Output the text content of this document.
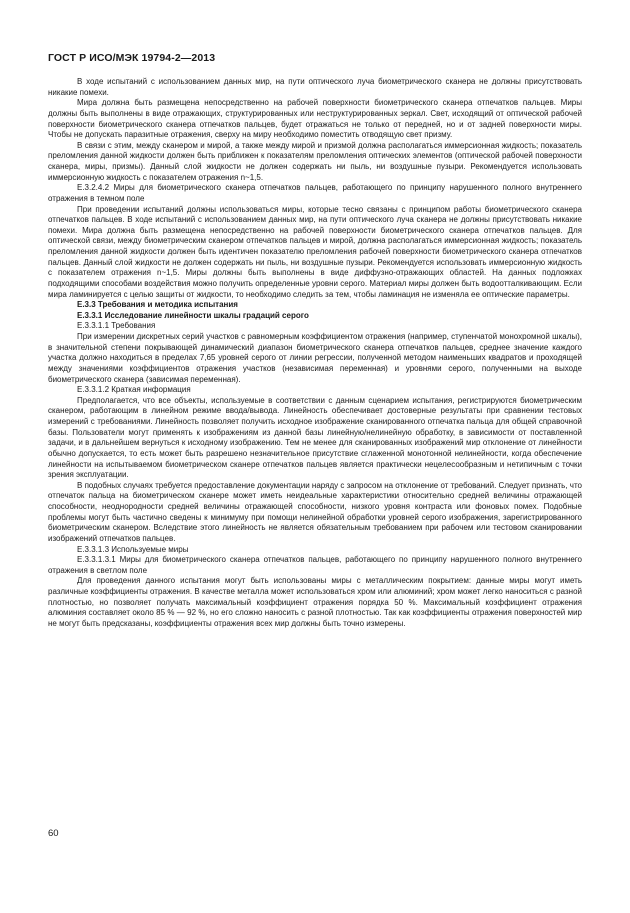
ГОСТ Р ИСО/МЭК 19794-2—2013

В ходе испытаний с использованием данных мир, на пути оптического луча биометрического сканера не должны присутствовать никакие помехи.

Мира должна быть размещена непосредственно на рабочей поверхности биометрического сканера отпечатков пальцев. Миры должны быть выполнены в виде отражающих, структурированных или неструктурированных зеркал. Свет, исходящий от оптической рабочей поверхности биометрического сканера отпечатков пальцев, будет отражаться не только от передней, но и от задней поверхности миры. Чтобы не допускать паразитные отражения, сверху на миру необходимо поместить отводящую свет призму.

В связи с этим, между сканером и мирой, а также между мирой и призмой должна располагаться иммерсионная жидкость; показатель преломления данной жидкости должен быть приближен к показателям преломления оптических элементов (оптической рабочей поверхности сканера, миры, призмы). Данный слой жидкости не должен содержать ни пыль, ни воздушные пузыри. Рекомендуется использовать иммерсионную жидкость с показателем отражения n~1,5.

Е.3.2.4.2 Миры для биометрического сканера отпечатков пальцев, работающего по принципу нарушенного полного внутреннего отражения в темном поле

При проведении испытаний должны использоваться миры, которые тесно связаны с принципом работы биометрического сканера отпечатков пальцев. В ходе испытаний с использованием данных мир, на пути оптического луча сканера не должны присутствовать никакие помехи. Мира должна быть размещена непосредственно на рабочей поверхности биометрического сканера отпечатков пальцев. Для оптической связи, между биометрическим сканером отпечатков пальцев и мирой, должна располагаться иммерсионная жидкость; показатель преломления данной жидкости должен быть идентичен показателю преломления рабочей поверхности биометрического сканера отпечатков пальцев. Данный слой жидкости не должен содержать ни пыль, ни воздушные пузыри. Рекомендуется использовать иммерсионную жидкость с показателем отражения n~1,5. Миры должны быть выполнены в виде диффузно-отражающих областей. На данных подложках подходящими способами воздействия можно получить определенные уровни серого. Материал миры должен быть водоотталкивающим. Если мира ламинируется с целью защиты от жидкости, то необходимо следить за тем, чтобы ламинация не изменяла ее оптические параметры.

Е.3.3 Требования и методика испытания

Е.3.3.1 Исследование линейности шкалы градаций серого

Е.3.3.1.1 Требования

При измерении дискретных серий участков с равномерным коэффициентом отражения (например, ступенчатой монохромной шкалы), в значительной степени покрывающей динамический диапазон биометрического сканера отпечатков пальцев, среднее значение каждого участка должно находиться в пределах 7,65 уровней серого от линии регрессии, полученной методом наименьших квадратов и проходящей между значениями коэффициентов отражения участков (независимая переменная) и уровнями серого, полученными на выходе биометрического сканера (зависимая переменная).

Е.3.3.1.2 Краткая информация

Предполагается, что все объекты, используемые в соответствии с данным сценарием испытания, регистрируются биометрическим сканером, работающим в линейном режиме ввода/вывода. Линейность обеспечивает достоверные результаты при сравнении тестовых измерений с требованиями. Линейность позволяет получить исходное изображение сканированного отпечатка пальца для общей справочной базы. Пользователи могут применять к изображениям из данной базы линейную/нелинейную обработку, в зависимости от поставленной задачи, и в дальнейшем вернуться к исходному изображению. Тем не менее для сканированных изображений мир отклонение от линейности обычно допускается, то есть может быть разрешено незначительное присутствие сглаженной монотонной нелинейности, когда обеспечение линейности на испытываемом биометрическом сканере отпечатков пальцев является практически нецелесообразным и нетипичным с точки зрения эксплуатации.

В подобных случаях требуется предоставление документации наряду с запросом на отклонение от требований. Следует признать, что отпечаток пальца на биометрическом сканере может иметь неидеальные характеристики относительно средней величины отражающей способности, неоднородности средней величины отражающей способности, низкого уровня контраста или фоновых помех. Подобные проблемы могут быть частично сведены к минимуму при помощи нелинейной обработки уровней серого изображения, зарегистрированного биометрическим сканером. Вследствие этого линейность не является обязательным требованием при рабочем или тестовом сканировании изображений отпечатков пальцев.

Е.3.3.1.3 Используемые миры

Е.3.3.1.3.1 Миры для биометрического сканера отпечатков пальцев, работающего по принципу нарушенного полного внутреннего отражения в светлом поле

Для проведения данного испытания могут быть использованы миры с металлическим покрытием: данные миры могут иметь различные коэффициенты отражения. В качестве металла может использоваться хром или алюминий; хром может легко наноситься с разной плотностью, но позволяет получать максимальный коэффициент отражения порядка 50 %. Максимальный коэффициент отражения алюминия составляет около 85 % — 92 %, но его сложно наносить с разной плотностью. Так как коэффициенты отражения поверхностей мир не могут быть предсказаны, коэффициенты отражения всех мир должны быть точно измерены.

60
